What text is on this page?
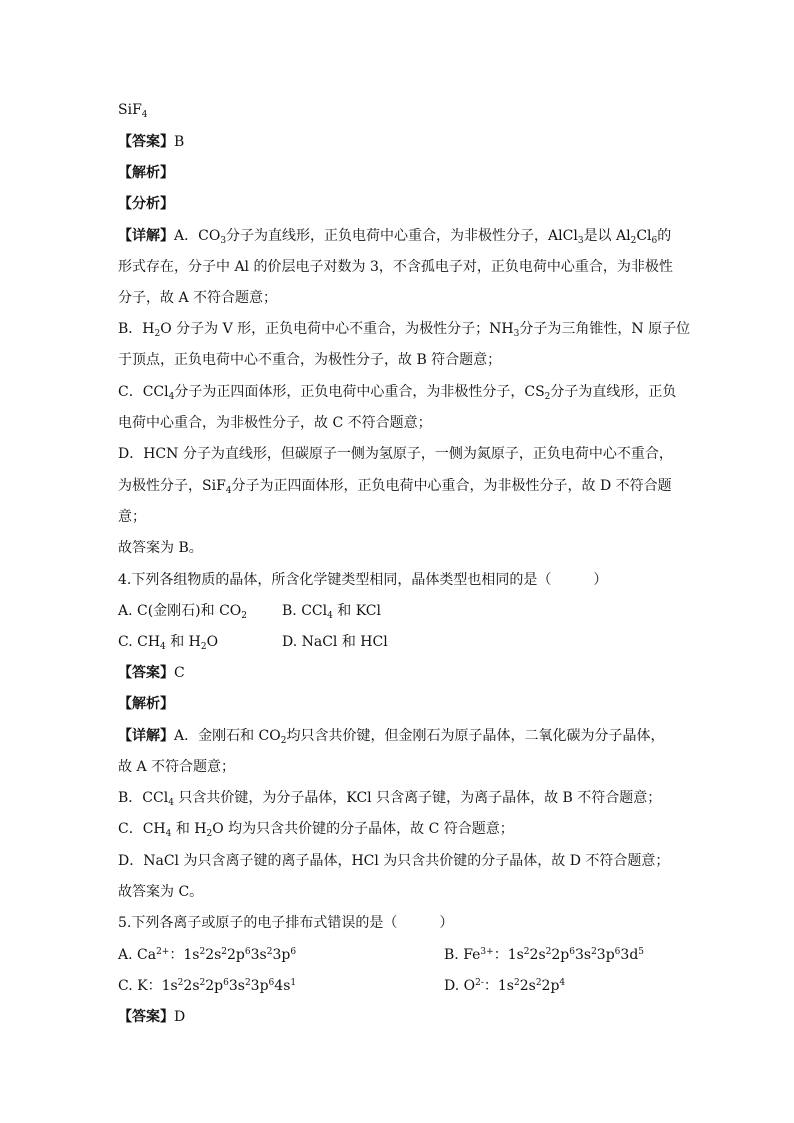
SiF$_4$
【答案】B
【解析】
【分析】
【详解】A．$CO_3$分子为直线形，正负电荷中心重合，为非极性分子，AlCl$_3$是以 $Al_2Cl_6$的
形式存在，分子中 Al 的价层电子对数为 3，不含孤电子对，正负电荷中心重合，为非极性
分子，故 A 不符合题意；
B．$H_2O$ 分子为 V 形，正负电荷中心不重合，为极性分子；$NH_3$分子为三角锥性，N 原子位
于顶点，正负电荷中心不重合，为极性分子，故 B 符合题意；
C．CCl$_4$分子为正四面体形，正负电荷中心重合，为非极性分子，$CS_2$分子为直线形，正负
电荷中心重合，为非极性分子，故 C 不符合题意；
D．HCN 分子为直线形，但碳原子一侧为氢原子，一侧为氮原子，正负电荷中心不重合，
为极性分子，SiF$_4$分子为正四面体形，正负电荷中心重合，为非极性分子，故 D 不符合题
意；
故答案为 B。
4.下列各组物质的晶体，所含化学键类型相同，晶体类型也相同的是（　　　）
A. C(金刚石)和 $CO_2$ B. CCl$_4$ 和 KCl
C. $CH_4$ 和 $H_2O$	D. NaCl 和 HCl
【答案】C
【解析】
【详解】A．金刚石和 $CO_2$均只含共价键，但金刚石为原子晶体，二氧化碳为分子晶体，
故 A 不符合题意；
B．CCl$_4$ 只含共价键，为分子晶体，KCl 只含离子键，为离子晶体，故 B 不符合题意；
C．$CH_4$ 和 $H_2O$ 均为只含共价键的分子晶体，故 C 符合题意；
D．NaCl 为只含离子键的离子晶体，HCl 为只含共价键的分子晶体，故 D 不符合题意；
故答案为 C。
5.下列各离子或原子的电子排布式错误的是（　　　）
A. $Ca^{2+}$：$1s^22s^22p^63s^23p^6$	B. $Fe^{3+}$：$1s^22s^22p^63s^23p^63d^5$
C. K：$1s^22s^22p^63s^23p^64s^1$	D. $O^{2-}$：$1s^22s^22p^4$
【答案】D
